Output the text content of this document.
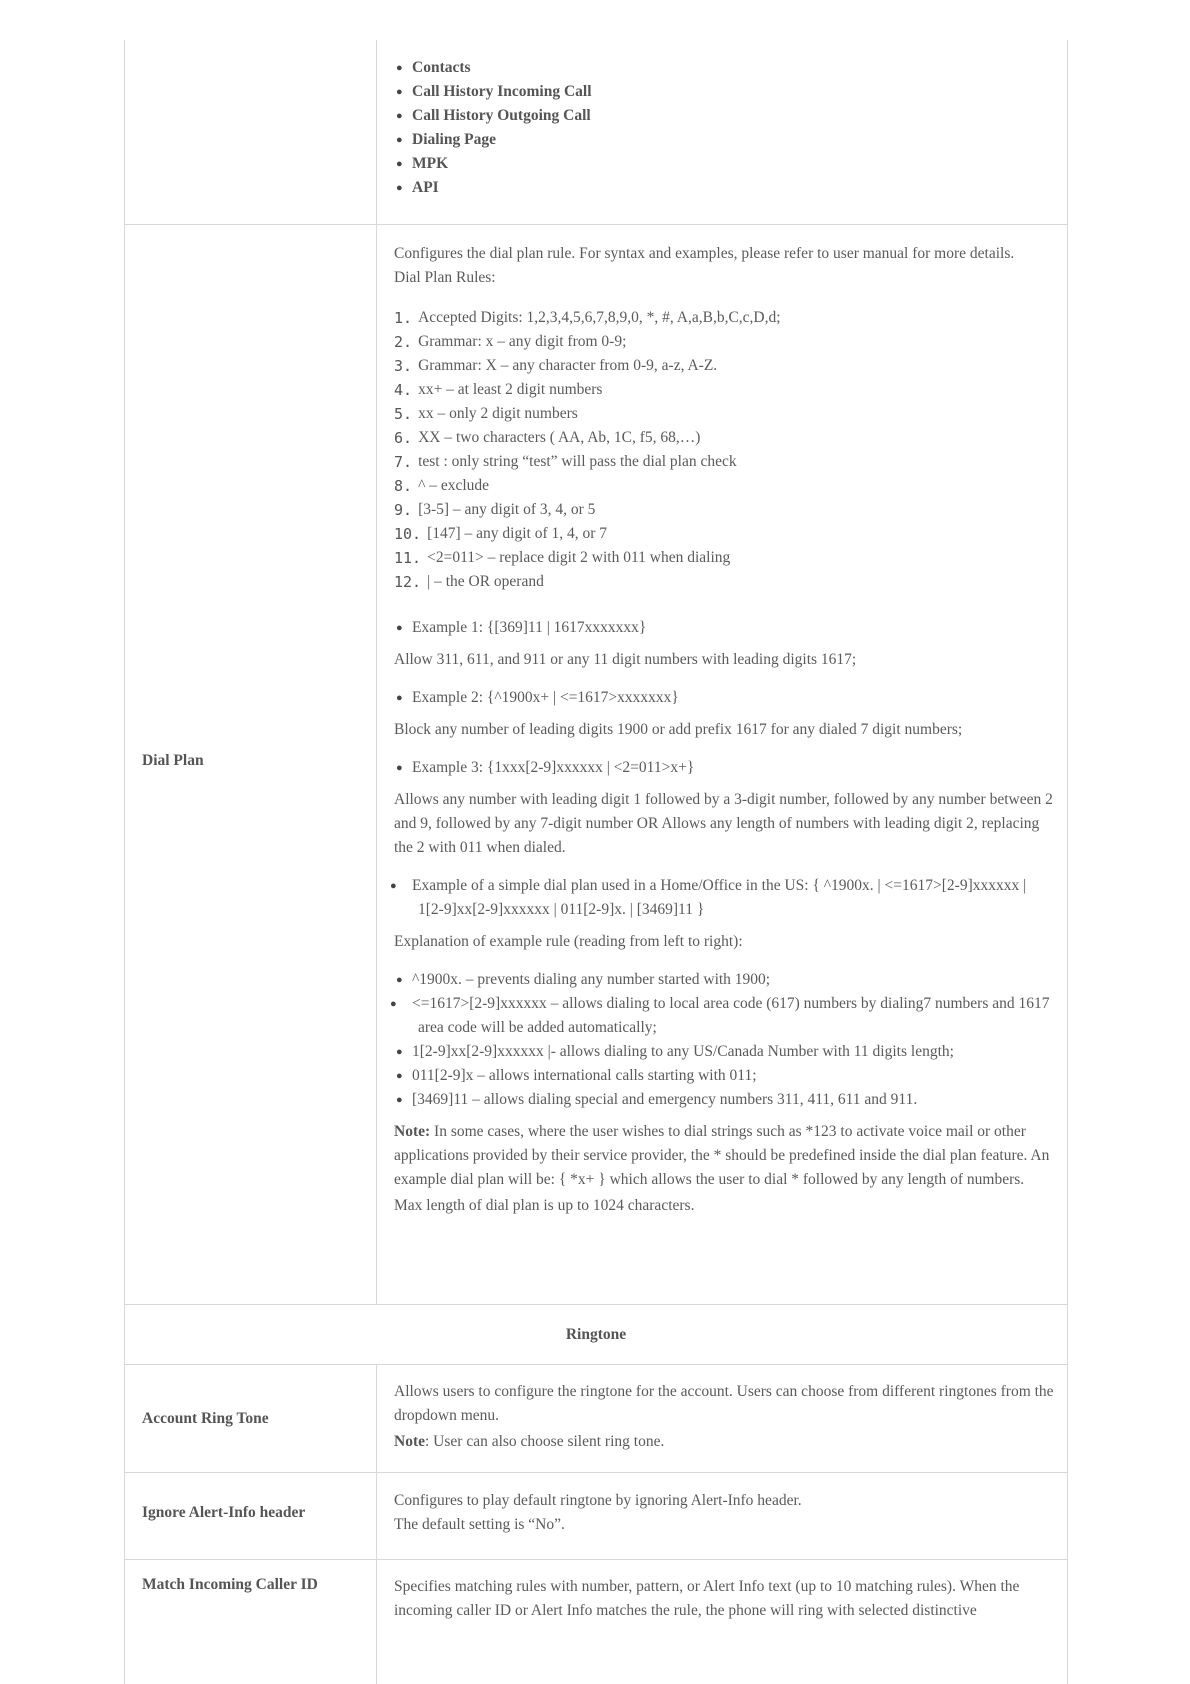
● Contacts
● Call History Incoming Call
● Call History Outgoing Call
● Dialing Page
● MPK
● API
Dial Plan
Configures the dial plan rule. For syntax and examples, please refer to user manual for more details.
Dial Plan Rules:
1. Accepted Digits: 1,2,3,4,5,6,7,8,9,0, *, #, A,a,B,b,C,c,D,d;
2. Grammar: x – any digit from 0-9;
3. Grammar: X – any character from 0-9, a-z, A-Z.
4. xx+ – at least 2 digit numbers
5. xx – only 2 digit numbers
6. XX – two characters ( AA, Ab, 1C, f5, 68,…)
7. test : only string “test” will pass the dial plan check
8. ^ – exclude
9. [3-5] – any digit of 3, 4, or 5
10. [147] – any digit of 1, 4, or 7
11. <2=011> – replace digit 2 with 011 when dialing
12. | – the OR operand
● Example 1: {[369]11 | 1617xxxxxxx}
Allow 311, 611, and 911 or any 11 digit numbers with leading digits 1617;
● Example 2: {^1900x+ | <=1617>xxxxxxx}
Block any number of leading digits 1900 or add prefix 1617 for any dialed 7 digit numbers;
● Example 3: {1xxx[2-9]xxxxxx | <2=011>x+}
Allows any number with leading digit 1 followed by a 3-digit number, followed by any number between 2 and 9, followed by any 7-digit number OR Allows any length of numbers with leading digit 2, replacing the 2 with 011 when dialed.
● Example of a simple dial plan used in a Home/Office in the US: { ^1900x. | <=1617>[2-9]xxxxxx | 1[2-9]xx[2-9]xxxxxx | 011[2-9]x. | [3469]11 }
Explanation of example rule (reading from left to right):
● ^1900x. – prevents dialing any number started with 1900;
● <=1617>[2-9]xxxxxx – allows dialing to local area code (617) numbers by dialing7 numbers and 1617 area code will be added automatically;
● 1[2-9]xx[2-9]xxxxxx |- allows dialing to any US/Canada Number with 11 digits length;
● 011[2-9]x – allows international calls starting with 011;
● [3469]11 – allows dialing special and emergency numbers 311, 411, 611 and 911.
Note: In some cases, where the user wishes to dial strings such as *123 to activate voice mail or other applications provided by their service provider, the * should be predefined inside the dial plan feature. An example dial plan will be: { *x+ } which allows the user to dial * followed by any length of numbers.
Max length of dial plan is up to 1024 characters.
Ringtone
Account Ring Tone
Allows users to configure the ringtone for the account. Users can choose from different ringtones from the dropdown menu.
Note: User can also choose silent ring tone.
Ignore Alert-Info header
Configures to play default ringtone by ignoring Alert-Info header.
The default setting is “No”.
Match Incoming Caller ID	Specifies matching rules with number, pattern, or Alert Info text (up to 10 matching rules). When the incoming caller ID or Alert Info matches the rule, the phone will ring with selected distinctive
